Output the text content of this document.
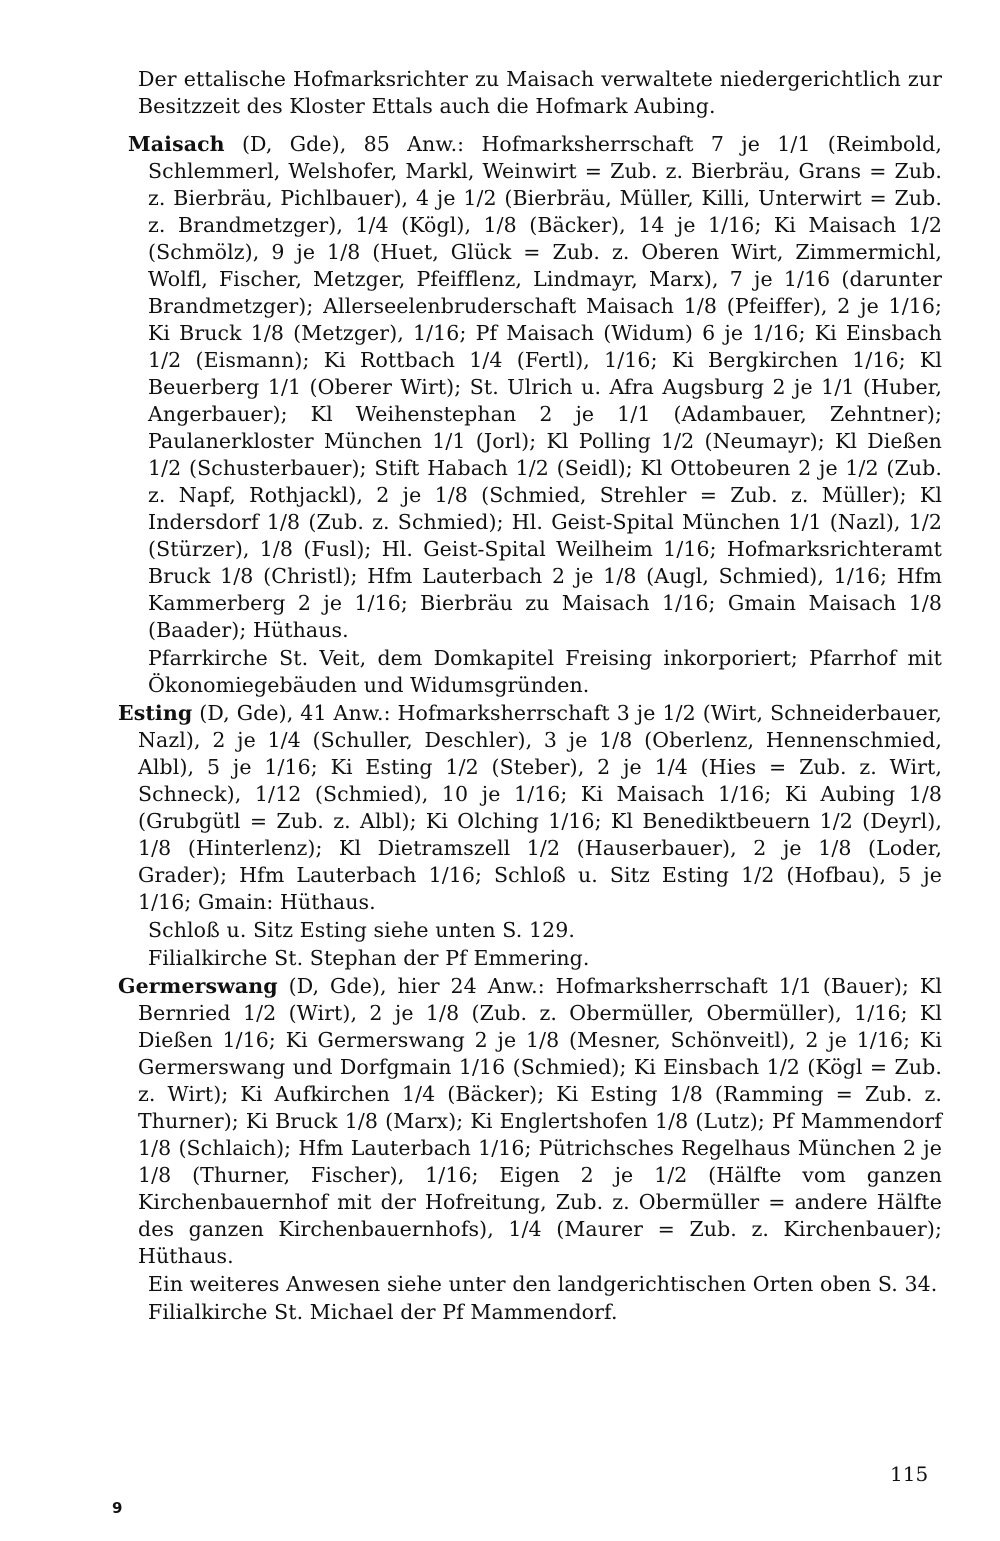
Der ettalische Hofmarksrichter zu Maisach verwaltete niedergerichtlich zur Besitzzeit des Kloster Ettals auch die Hofmark Aubing.

Maisach (D, Gde), 85 Anw.: Hofmarksherrschaft 7 je 1/1 (Reimbold, Schlemmerl, Welshofer, Markl, Weinwirt = Zub. z. Bierbräu, Grans = Zub. z. Bierbräu, Pichlbauer), 4 je 1/2 (Bierbräu, Müller, Killi, Unterwirt = Zub. z. Brandmetzger), 1/4 (Kögl), 1/8 (Bäcker), 14 je 1/16; Ki Maisach 1/2 (Schmölz), 9 je 1/8 (Huet, Glück = Zub. z. Oberen Wirt, Zimmermichl, Wolfl, Fischer, Metzger, Pfeifflenz, Lindmayr, Marx), 7 je 1/16 (darunter Brandmetzger); Allerseelenbruderschaft Maisach 1/8 (Pfeiffer), 2 je 1/16; Ki Bruck 1/8 (Metzger), 1/16; Pf Maisach (Widum) 6 je 1/16; Ki Einsbach 1/2 (Eismann); Ki Rottbach 1/4 (Fertl), 1/16; Ki Bergkirchen 1/16; Kl Beuerberg 1/1 (Oberer Wirt); St. Ulrich u. Afra Augsburg 2 je 1/1 (Huber, Angerbauer); Kl Weihenstephan 2 je 1/1 (Adambauer, Zehntner); Paulanerkloster München 1/1 (Jorl); Kl Polling 1/2 (Neumayr); Kl Dießen 1/2 (Schusterbauer); Stift Habach 1/2 (Seidl); Kl Ottobeuren 2 je 1/2 (Zub. z. Napf, Rothjackl), 2 je 1/8 (Schmied, Strehler = Zub. z. Müller); Kl Indersdorf 1/8 (Zub. z. Schmied); Hl. Geist-Spital München 1/1 (Nazl), 1/2 (Stürzer), 1/8 (Fusl); Hl. Geist-Spital Weilheim 1/16; Hofmarksrichteramt Bruck 1/8 (Christl); Hfm Lauterbach 2 je 1/8 (Augl, Schmied), 1/16; Hfm Kammerberg 2 je 1/16; Bierbräu zu Maisach 1/16; Gmain Maisach 1/8 (Baader); Hüthaus.

Pfarrkirche St. Veit, dem Domkapitel Freising inkorporiert; Pfarrhof mit Ökonomiegebäuden und Widumsgründen.

Esting (D, Gde), 41 Anw.: Hofmarksherrschaft 3 je 1/2 (Wirt, Schneiderbauer, Nazl), 2 je 1/4 (Schuller, Deschler), 3 je 1/8 (Oberlenz, Hennenschmied, Albl), 5 je 1/16; Ki Esting 1/2 (Steber), 2 je 1/4 (Hies = Zub. z. Wirt, Schneck), 1/12 (Schmied), 10 je 1/16; Ki Maisach 1/16; Ki Aubing 1/8 (Grubgütl = Zub. z. Albl); Ki Olching 1/16; Kl Benediktbeuern 1/2 (Deyrl), 1/8 (Hinterlenz); Kl Dietramszell 1/2 (Hauserbauer), 2 je 1/8 (Loder, Grader); Hfm Lauterbach 1/16; Schloß u. Sitz Esting 1/2 (Hofbau), 5 je 1/16; Gmain: Hüthaus.

Schloß u. Sitz Esting siehe unten S. 129.

Filialkirche St. Stephan der Pf Emmering.

Germerswang (D, Gde), hier 24 Anw.: Hofmarksherrschaft 1/1 (Bauer); Kl Bernried 1/2 (Wirt), 2 je 1/8 (Zub. z. Obermüller, Obermüller), 1/16; Kl Dießen 1/16; Ki Germerswang 2 je 1/8 (Mesner, Schönveitl), 2 je 1/16; Ki Germerswang und Dorfgmain 1/16 (Schmied); Ki Einsbach 1/2 (Kögl = Zub. z. Wirt); Ki Aufkirchen 1/4 (Bäcker); Ki Esting 1/8 (Ramming = Zub. z. Thurner); Ki Bruck 1/8 (Marx); Ki Englertshofen 1/8 (Lutz); Pf Mammendorf 1/8 (Schlaich); Hfm Lauterbach 1/16; Pütrichsches Regelhaus München 2 je 1/8 (Thurner, Fischer), 1/16; Eigen 2 je 1/2 (Hälfte vom ganzen Kirchenbauernhof mit der Hofreitung, Zub. z. Obermüller = andere Hälfte des ganzen Kirchenbauernhofs), 1/4 (Maurer = Zub. z. Kirchenbauer); Hüthaus.

Ein weiteres Anwesen siehe unter den landgerichtischen Orten oben S. 34.

Filialkirche St. Michael der Pf Mammendorf.

115
9
